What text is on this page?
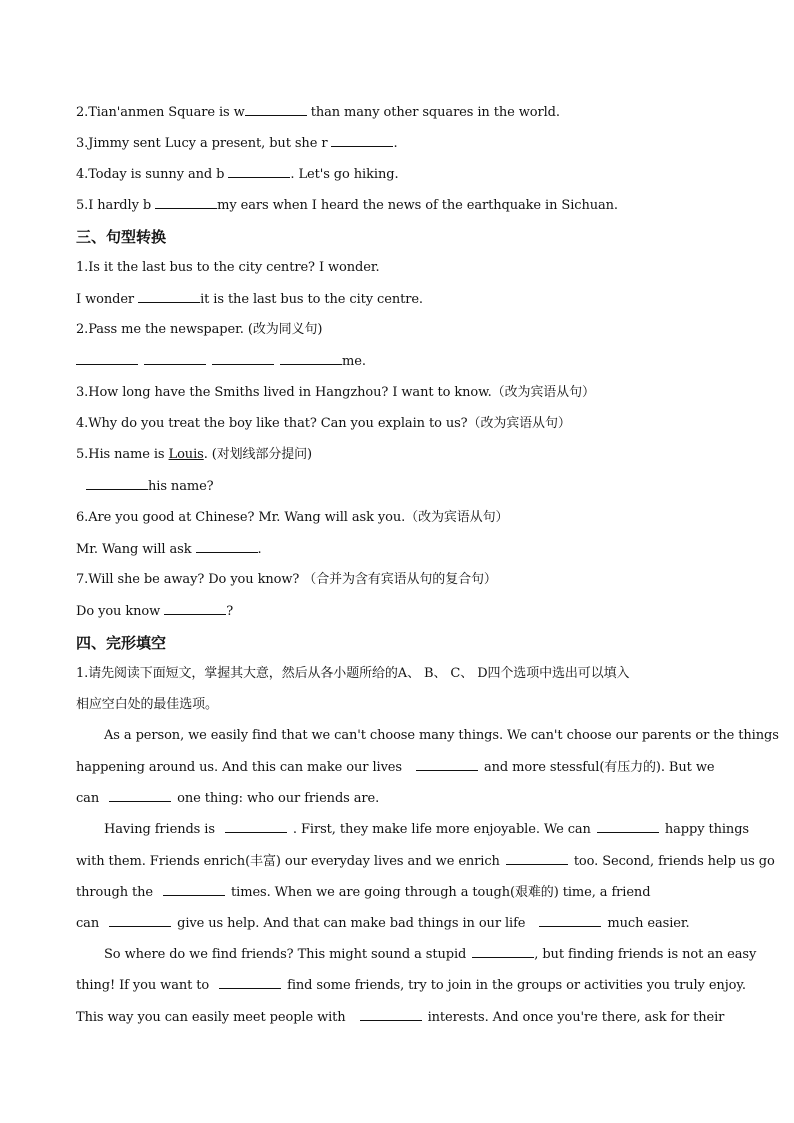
2.Tian'anmen Square is w	than many other squares in the world.
3.Jimmy sent Lucy a present, but she r	.
4.Today is sunny and b	. Let's go hiking.
5.I hardly b	my ears when I heard the news of the earthquake in Sichuan.
三、句型转换
1.Is it the last bus to the city centre? I wonder.
I wonder	it is the last bus to the city centre.
2.Pass me the newspaper. (改为同义句)
me.
3.How long have the Smiths lived in Hangzhou? I want to know.（改为宾语从句）
4.Why do you treat the boy like that? Can you explain to us?（改为宾语从句）
5.His name is Louis. (对划线部分提问)
his name?
6.Are you good at Chinese? Mr. Wang will ask you.（改为宾语从句）
Mr. Wang will ask	.
7.Will she be away? Do you know? （合并为含有宾语从句的复合句）
Do you know	?
四、完形填空
1.请先阅读下面短文，掌握其大意，然后从各小题所给的A、 B、 C、 D四个选项中选出可以填入
相应空白处的最佳选项。
As a person, we easily find that we can't choose many things. We can't choose our parents or the things
happening around us. And this can make our lives	and more stessful(有压力的). But we
can	one thing: who our friends are.
Having friends is	. First, they make life more enjoyable. We can	happy things
with them. Friends enrich(丰富) our everyday lives and we enrich	too. Second, friends help us go
through the	times. When we are going through a tough(艰难的) time, a friend
can	give us help. And that can make bad things in our life	much easier.
So where do we find friends? This might sound a stupid	, but finding friends is not an easy
thing! If you want to	find some friends, try to join in the groups or activities you truly enjoy.
This way you can easily meet people with	interests. And once you're there, ask for their
